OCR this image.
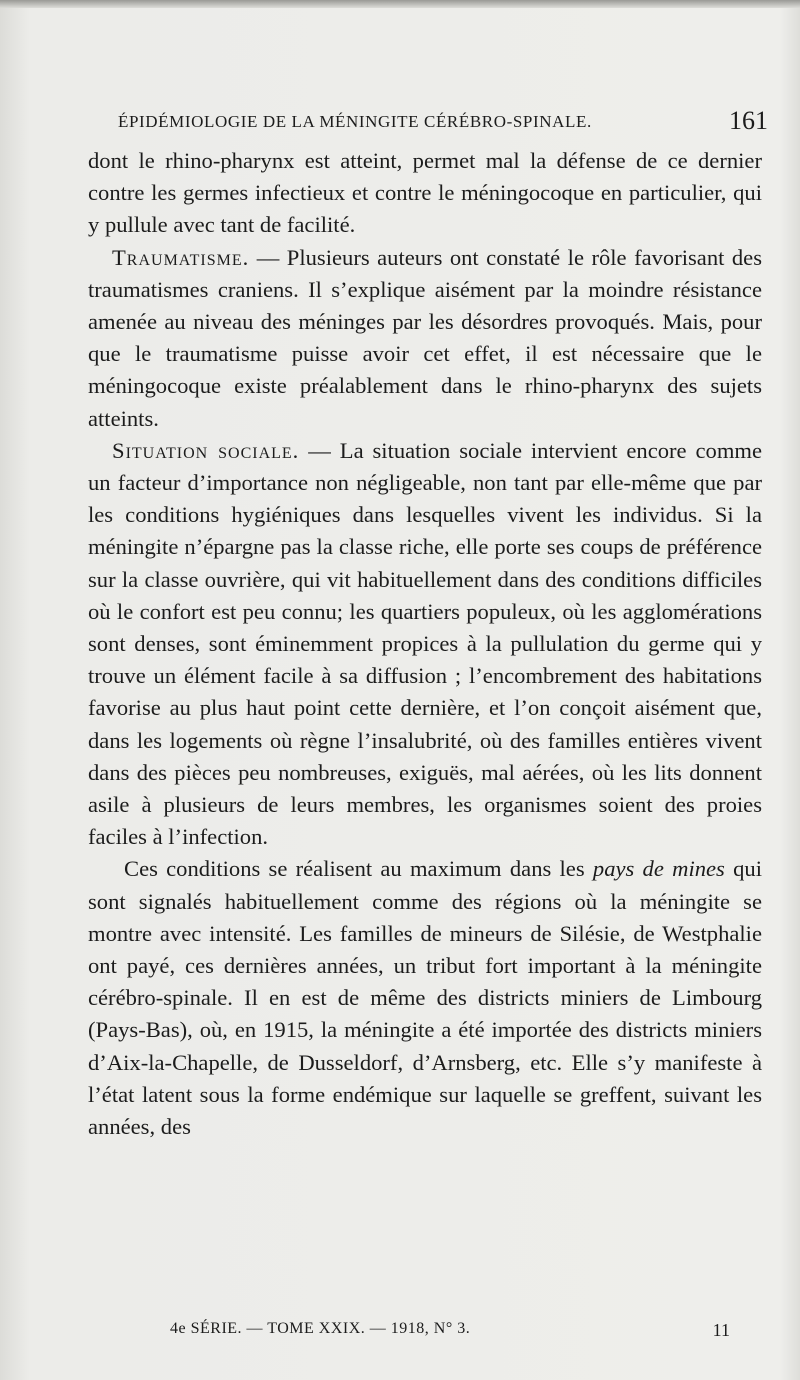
ÉPIDÉMIOLOGIE DE LA MÉNINGITE CÉRÉBRO-SPINALE.	161

dont le rhino-pharynx est atteint, permet mal la défense de ce dernier contre les germes infectieux et contre le méningocoque en particulier, qui y pullule avec tant de facilité.

Traumatisme. — Plusieurs auteurs ont constaté le rôle favorisant des traumatismes craniens. Il s’explique aisément par la moindre résistance amenée au niveau des méninges par les désordres provoqués. Mais, pour que le traumatisme puisse avoir cet effet, il est nécessaire que le méningocoque existe préalablement dans le rhino-pharynx des sujets atteints.

Situation sociale. — La situation sociale intervient encore comme un facteur d’importance non négligeable, non tant par elle-même que par les conditions hygiéniques dans lesquelles vivent les individus. Si la méningite n’épargne pas la classe riche, elle porte ses coups de préférence sur la classe ouvrière, qui vit habituellement dans des conditions difficiles où le confort est peu connu; les quartiers populeux, où les agglomérations sont denses, sont éminemment propices à la pullulation du germe qui y trouve un élément facile à sa diffusion ; l’encombrement des habitations favorise au plus haut point cette dernière, et l’on conçoit aisément que, dans les logements où règne l’insalubrité, où des familles entières vivent dans des pièces peu nombreuses, exiguës, mal aérées, où les lits donnent asile à plusieurs de leurs membres, les organismes soient des proies faciles à l’infection.

Ces conditions se réalisent au maximum dans les pays de mines qui sont signalés habituellement comme des régions où la méningite se montre avec intensité. Les familles de mineurs de Silésie, de Westphalie ont payé, ces dernières années, un tribut fort important à la méningite cérébro-spinale. Il en est de même des districts miniers de Limbourg (Pays-Bas), où, en 1915, la méningite a été importée des districts miniers d’Aix-la-Chapelle, de Dusseldorf, d’Arnsberg, etc. Elle s’y manifeste à l’état latent sous la forme endémique sur laquelle se greffent, suivant les années, des

4e SÉRIE. — TOME XXIX. — 1918, N° 3.	11
